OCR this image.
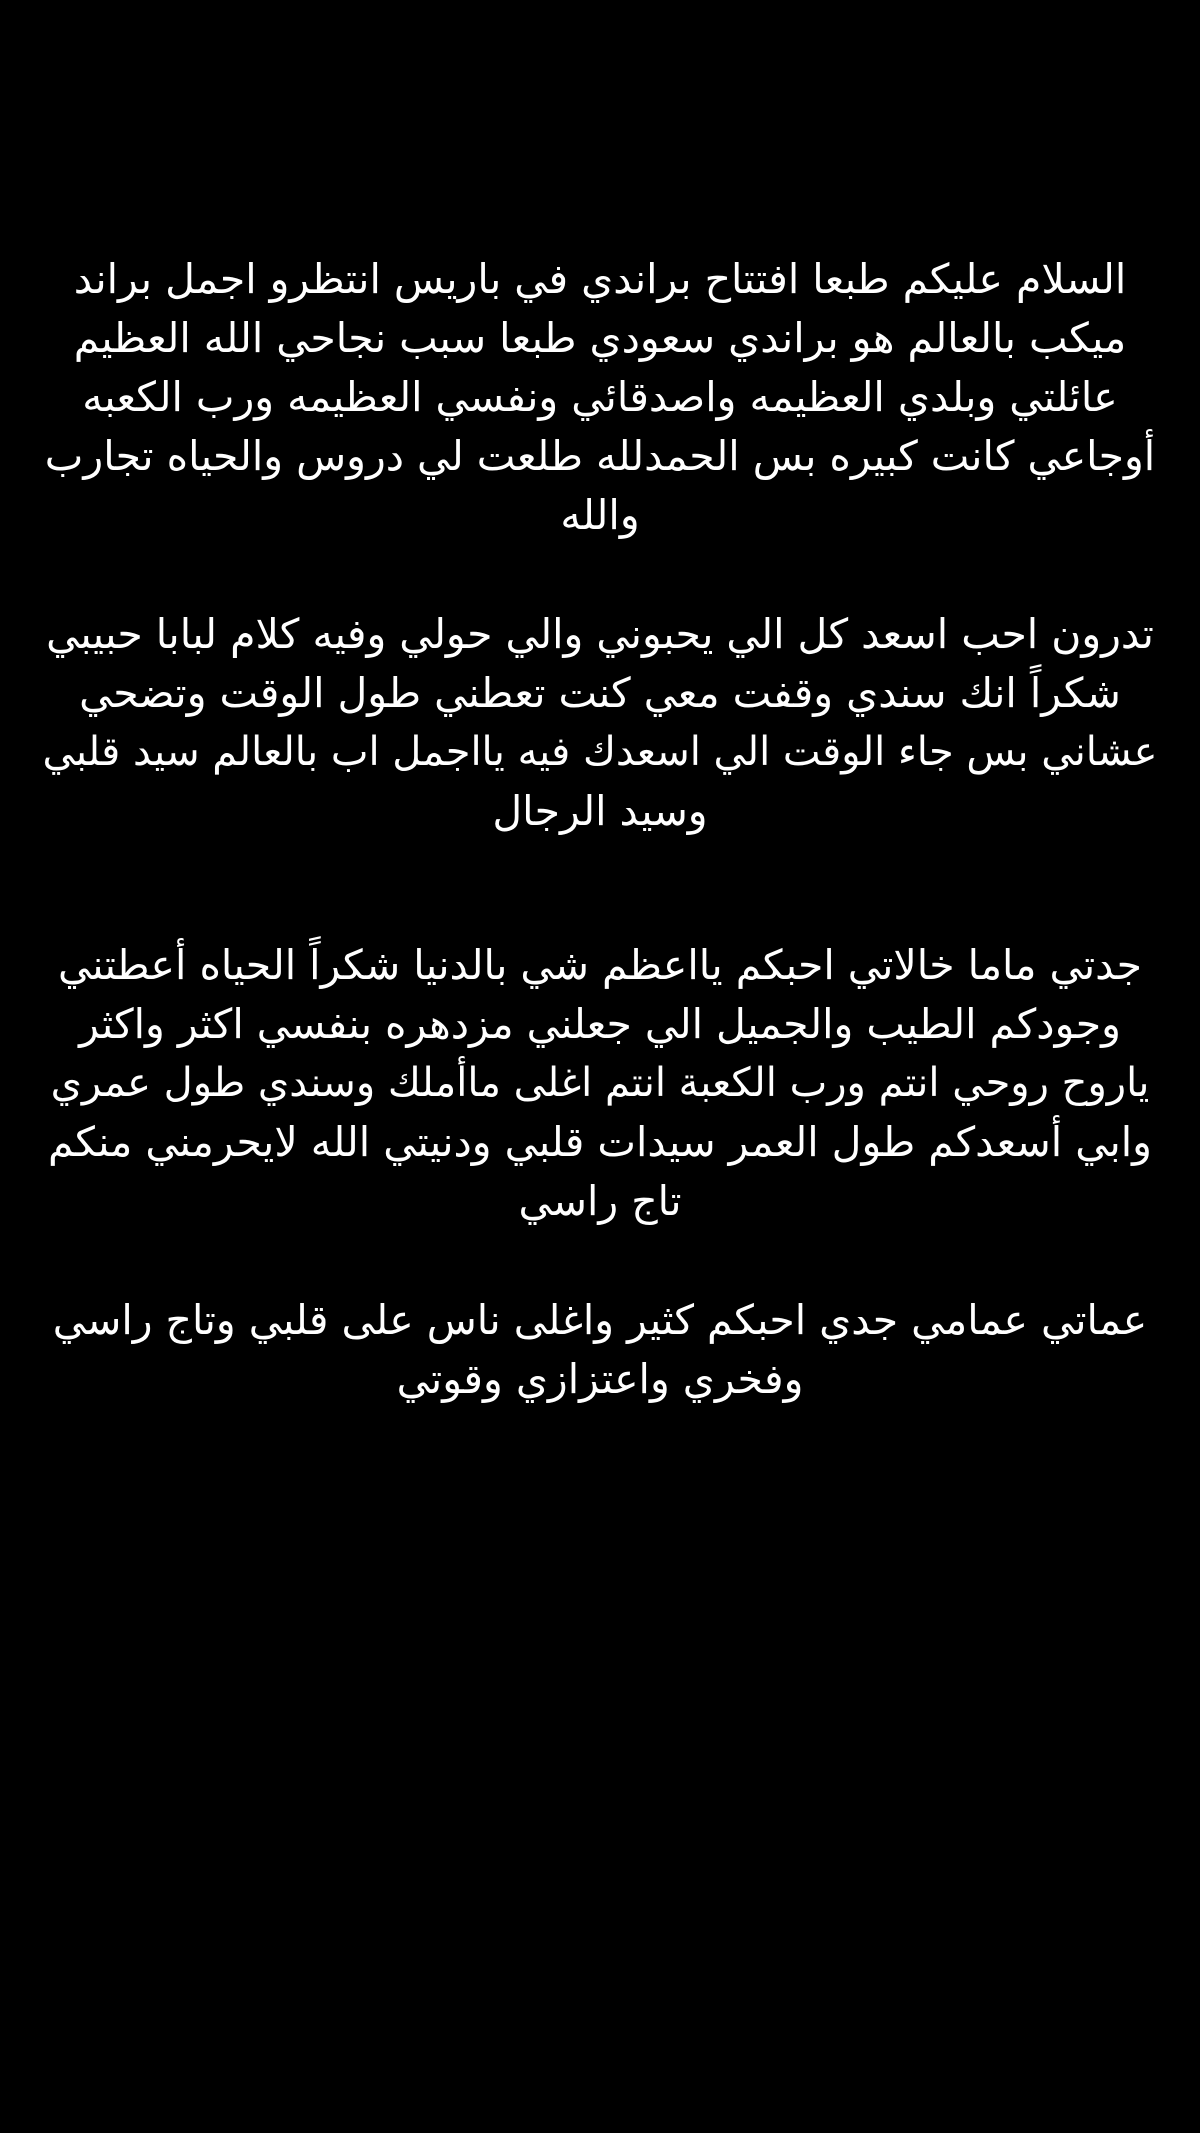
السلام عليكم طبعا افتتاح براندي في باريس انتظرو اجمل براند
ميكب بالعالم هو براندي سعودي طبعا سبب نجاحي الله العظيم
عائلتي وبلدي العظيمه واصدقائي ونفسي العظيمه ورب الكعبه
أوجاعي كانت كبيره بس الحمدلله طلعت لي دروس والحياه تجارب
والله

تدرون احب اسعد كل الي يحبوني والي حولي وفيه كلام لبابا حبيبي
شكراً انك سندي وقفت معي كنت تعطني طول الوقت وتضحي
عشاني بس جاء الوقت الي اسعدك فيه يااجمل اب بالعالم سيد قلبي
وسيد الرجال

جدتي ماما خالاتي احبكم يااعظم شي بالدنيا شكراً الحياه أعطتني
وجودكم الطيب والجميل الي جعلني مزدهره بنفسي اكثر واكثر
ياروح روحي انتم ورب الكعبة انتم اغلى ماأملك وسندي طول عمري
وابي أسعدكم طول العمر سيدات قلبي ودنيتي الله لايحرمني منكم
تاج راسي

عماتي عمامي جدي احبكم كثير واغلى ناس على قلبي وتاج راسي
وفخري واعتزازي وقوتي
